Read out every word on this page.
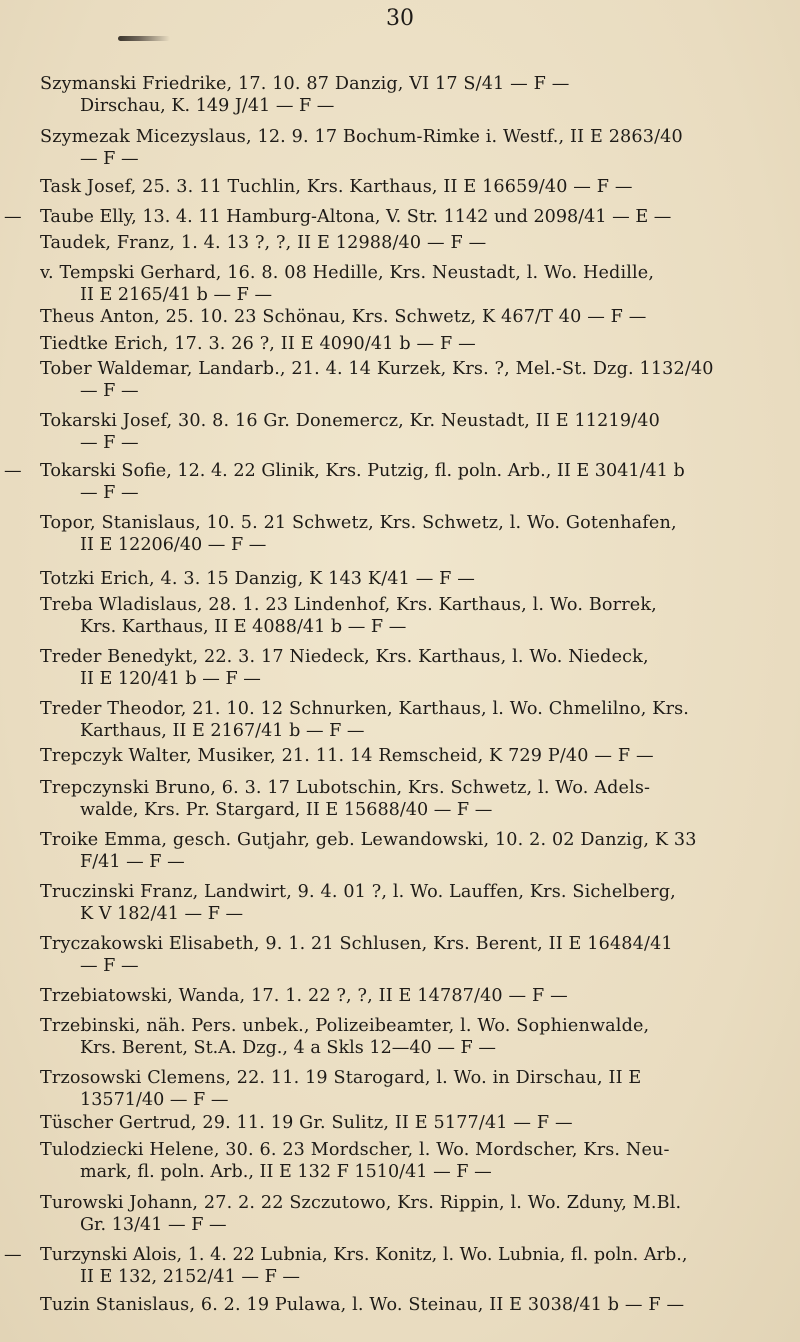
30
Szymanski Friedrike, 17. 10. 87 Danzig, VI 17 S/41 — F —
Dirschau, K. 149 J/41 — F —
Szymezak Micezyslaus, 12. 9. 17 Bochum-Rimke i. Westf., II E 2863/40
— F —
Task Josef, 25. 3. 11 Tuchlin, Krs. Karthaus, II E 16659/40 — F —
— Taube Elly, 13. 4. 11 Hamburg-Altona, V. Str. 1142 und 2098/41 — E —
Taudek, Franz, 1. 4. 13 ?, ?, II E 12988/40 — F —
v. Tempski Gerhard, 16. 8. 08 Hedille, Krs. Neustadt, l. Wo. Hedille,
II E 2165/41 b — F —
Theus Anton, 25. 10. 23 Schönau, Krs. Schwetz, K 467/T 40 — F —
Tiedtke Erich, 17. 3. 26 ?, II E 4090/41 b — F —
Tober Waldemar, Landarb., 21. 4. 14 Kurzek, Krs. ?, Mel.-St. Dzg. 1132/40
— F —
Tokarski Josef, 30. 8. 16 Gr. Donemercz, Kr. Neustadt, II E 11219/40
— F —
— Tokarski Sofie, 12. 4. 22 Glinik, Krs. Putzig, fl. poln. Arb., II E 3041/41 b
— F —
Topor, Stanislaus, 10. 5. 21 Schwetz, Krs. Schwetz, l. Wo. Gotenhafen,
II E 12206/40 — F —
Totzki Erich, 4. 3. 15 Danzig, K 143 K/41 — F —
Treba Wladislaus, 28. 1. 23 Lindenhof, Krs. Karthaus, l. Wo. Borrek,
Krs. Karthaus, II E 4088/41 b — F —
Treder Benedykt, 22. 3. 17 Niedeck, Krs. Karthaus, l. Wo. Niedeck,
II E 120/41 b — F —
Treder Theodor, 21. 10. 12 Schnurken, Karthaus, l. Wo. Chmelilno, Krs.
Karthaus, II E 2167/41 b — F —
Trepczyk Walter, Musiker, 21. 11. 14 Remscheid, K 729 P/40 — F —
Trepczynski Bruno, 6. 3. 17 Lubotschin, Krs. Schwetz, l. Wo. Adels-
walde, Krs. Pr. Stargard, II E 15688/40 — F —
Troike Emma, gesch. Gutjahr, geb. Lewandowski, 10. 2. 02 Danzig, K 33
F/41 — F —
Truczinski Franz, Landwirt, 9. 4. 01 ?, l. Wo. Lauffen, Krs. Sichelberg,
K V 182/41 — F —
Tryczakowski Elisabeth, 9. 1. 21 Schlusen, Krs. Berent, II E 16484/41
— F —
Trzebiatowski, Wanda, 17. 1. 22 ?, ?, II E 14787/40 — F —
Trzebinski, näh. Pers. unbek., Polizeibeamter, l. Wo. Sophienwalde,
Krs. Berent, St.A. Dzg., 4 a Skls 12—40 — F —
Trzosowski Clemens, 22. 11. 19 Starogard, l. Wo. in Dirschau, II E
13571/40 — F —
Tüscher Gertrud, 29. 11. 19 Gr. Sulitz, II E 5177/41 — F —
Tulodziecki Helene, 30. 6. 23 Mordscher, l. Wo. Mordscher, Krs. Neu-
mark, fl. poln. Arb., II E 132 F 1510/41 — F —
Turowski Johann, 27. 2. 22 Szczutowo, Krs. Rippin, l. Wo. Zduny, M.Bl.
Gr. 13/41 — F —
— Turzynski Alois, 1. 4. 22 Lubnia, Krs. Konitz, l. Wo. Lubnia, fl. poln. Arb.,
II E 132, 2152/41 — F —
Tuzin Stanislaus, 6. 2. 19 Pulawa, l. Wo. Steinau, II E 3038/41 b — F —
